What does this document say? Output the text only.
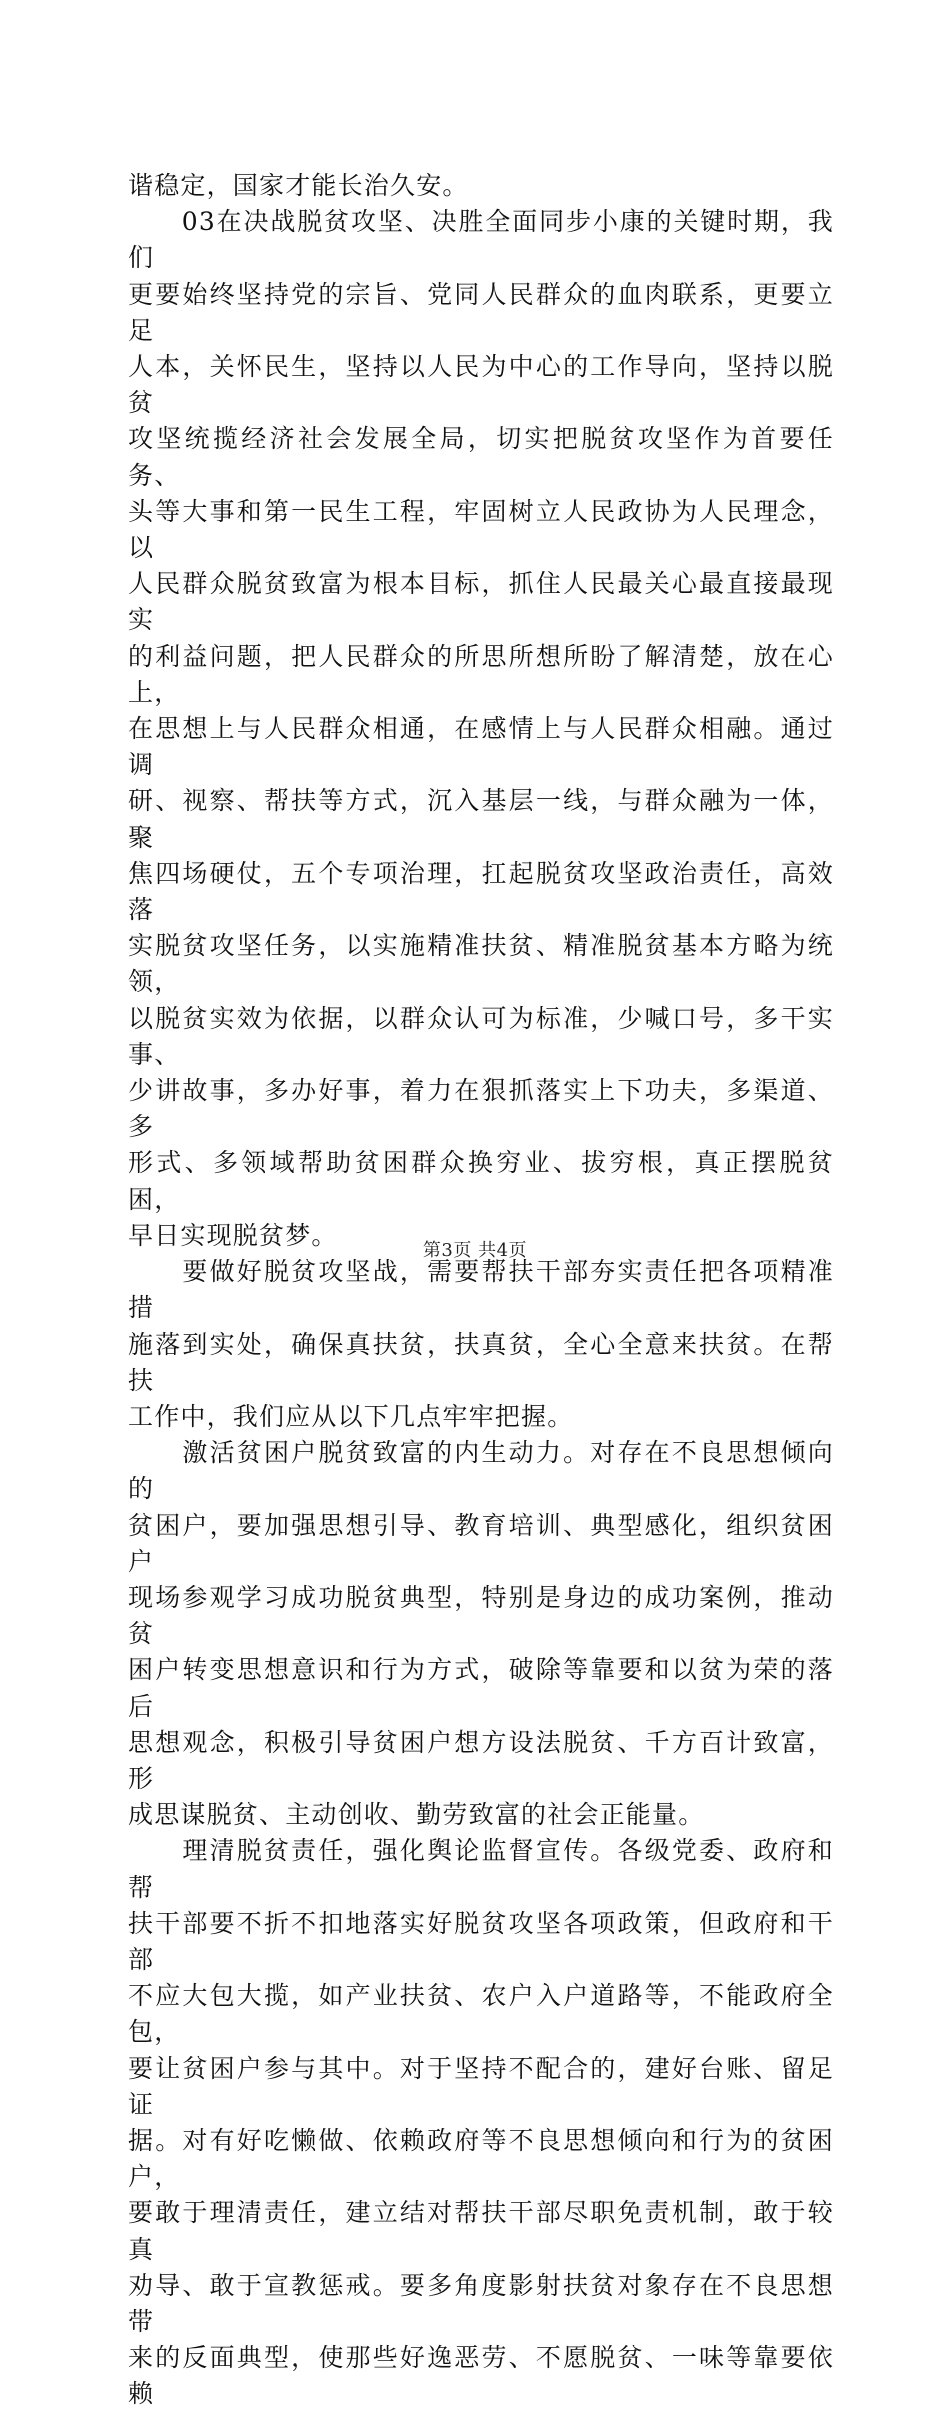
谐稳定，国家才能长治久安。

　　03在决战脱贫攻坚、决胜全面同步小康的关键时期，我们

更要始终坚持党的宗旨、党同人民群众的血肉联系，更要立足

人本，关怀民生，坚持以人民为中心的工作导向，坚持以脱贫

攻坚统揽经济社会发展全局，切实把脱贫攻坚作为首要任务、

头等大事和第一民生工程，牢固树立人民政协为人民理念，以

人民群众脱贫致富为根本目标，抓住人民最关心最直接最现实

的利益问题，把人民群众的所思所想所盼了解清楚，放在心上，

在思想上与人民群众相通，在感情上与人民群众相融。通过调

研、视察、帮扶等方式，沉入基层一线，与群众融为一体，聚

焦四场硬仗，五个专项治理，扛起脱贫攻坚政治责任，高效落

实脱贫攻坚任务，以实施精准扶贫、精准脱贫基本方略为统领，

以脱贫实效为依据，以群众认可为标准，少喊口号，多干实事、

少讲故事，多办好事，着力在狠抓落实上下功夫，多渠道、多

形式、多领域帮助贫困群众换穷业、拔穷根，真正摆脱贫困，

早日实现脱贫梦。

　　要做好脱贫攻坚战，需要帮扶干部夯实责任把各项精准措

施落到实处，确保真扶贫，扶真贫，全心全意来扶贫。在帮扶

工作中，我们应从以下几点牢牢把握。

　　激活贫困户脱贫致富的内生动力。对存在不良思想倾向的

贫困户，要加强思想引导、教育培训、典型感化，组织贫困户

现场参观学习成功脱贫典型，特别是身边的成功案例，推动贫

困户转变思想意识和行为方式，破除等靠要和以贫为荣的落后

思想观念，积极引导贫困户想方设法脱贫、千方百计致富，形

成思谋脱贫、主动创收、勤劳致富的社会正能量。

　　理清脱贫责任，强化舆论监督宣传。各级党委、政府和帮

扶干部要不折不扣地落实好脱贫攻坚各项政策，但政府和干部

不应大包大揽，如产业扶贫、农户入户道路等，不能政府全包，

要让贫困户参与其中。对于坚持不配合的，建好台账、留足证

据。对有好吃懒做、依赖政府等不良思想倾向和行为的贫困户，

要敢于理清责任，建立结对帮扶干部尽职免责机制，敢于较真

劝导、敢于宣教惩戒。要多角度影射扶贫对象存在不良思想带

来的反面典型，使那些好逸恶劳、不愿脱贫、一味等靠要依赖

第3页 共4页
